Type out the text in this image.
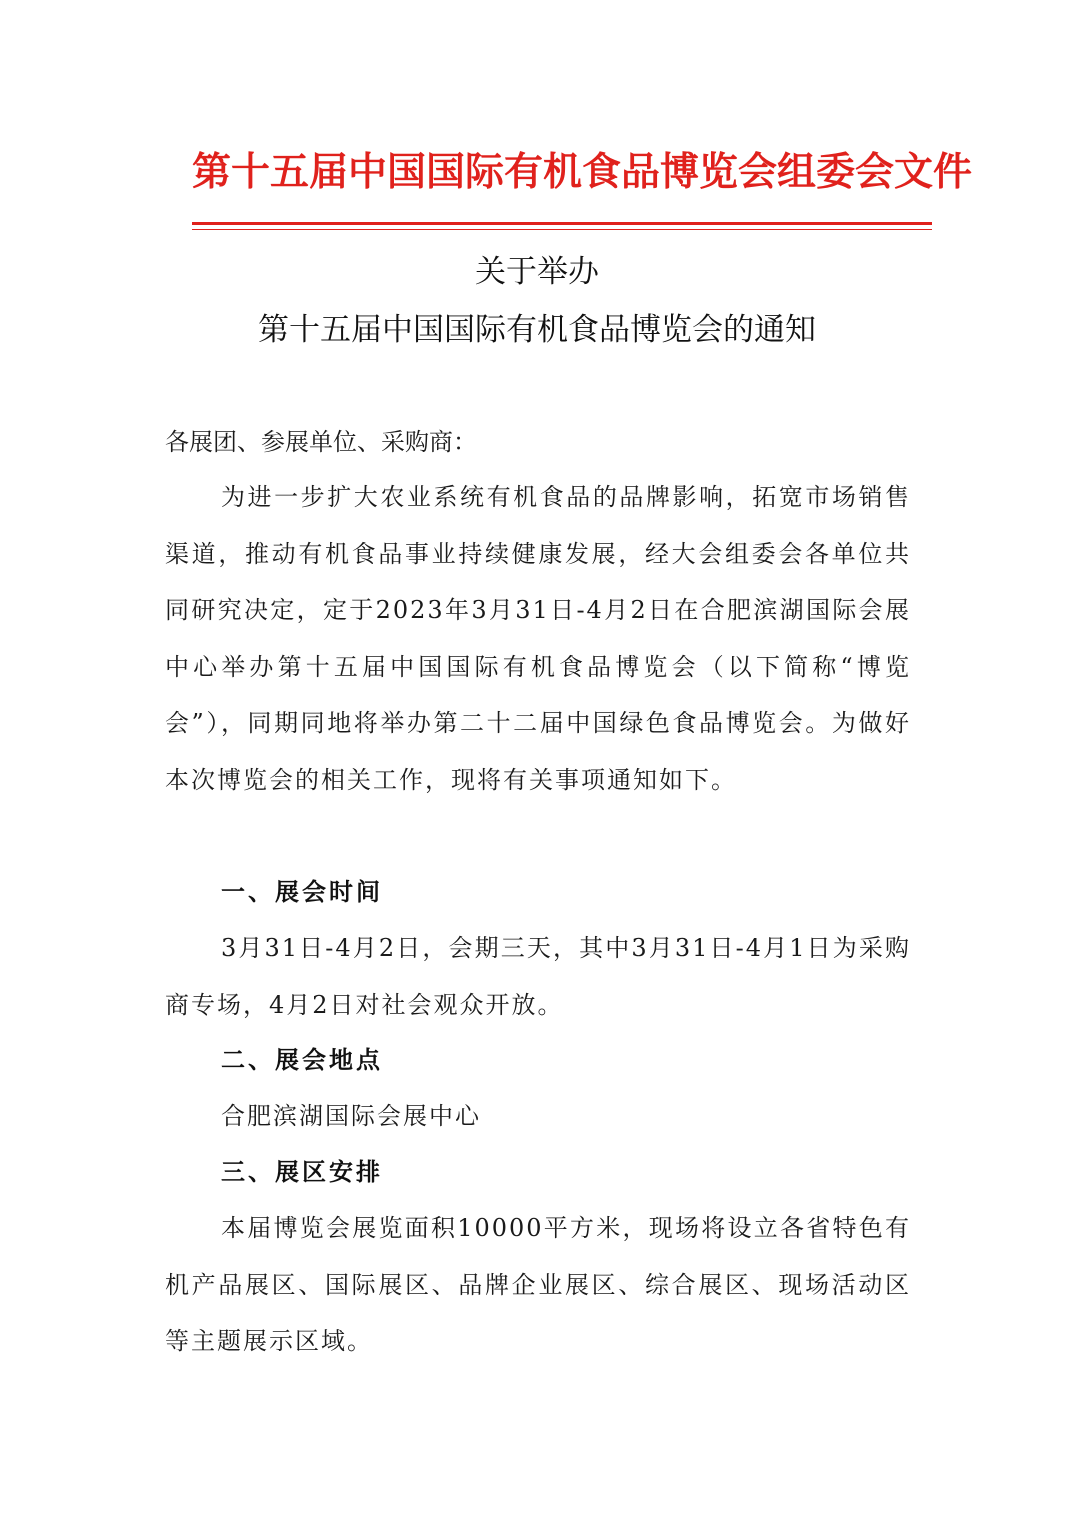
第十五届中国国际有机食品博览会组委会文件
关于举办
第十五届中国国际有机食品博览会的通知
各展团、参展单位、采购商：
为进一步扩大农业系统有机食品的品牌影响，拓宽市场销售渠道，推动有机食品事业持续健康发展，经大会组委会各单位共同研究决定，定于2023年3月31日-4月2日在合肥滨湖国际会展中心举办第十五届中国国际有机食品博览会（以下简称“博览会”），同期同地将举办第二十二届中国绿色食品博览会。为做好本次博览会的相关工作，现将有关事项通知如下。
一、展会时间
3月31日-4月2日，会期三天，其中3月31日-4月1日为采购商专场，4月2日对社会观众开放。
二、展会地点
合肥滨湖国际会展中心
三、展区安排
本届博览会展览面积10000平方米，现场将设立各省特色有机产品展区、国际展区、品牌企业展区、综合展区、现场活动区等主题展示区域。
